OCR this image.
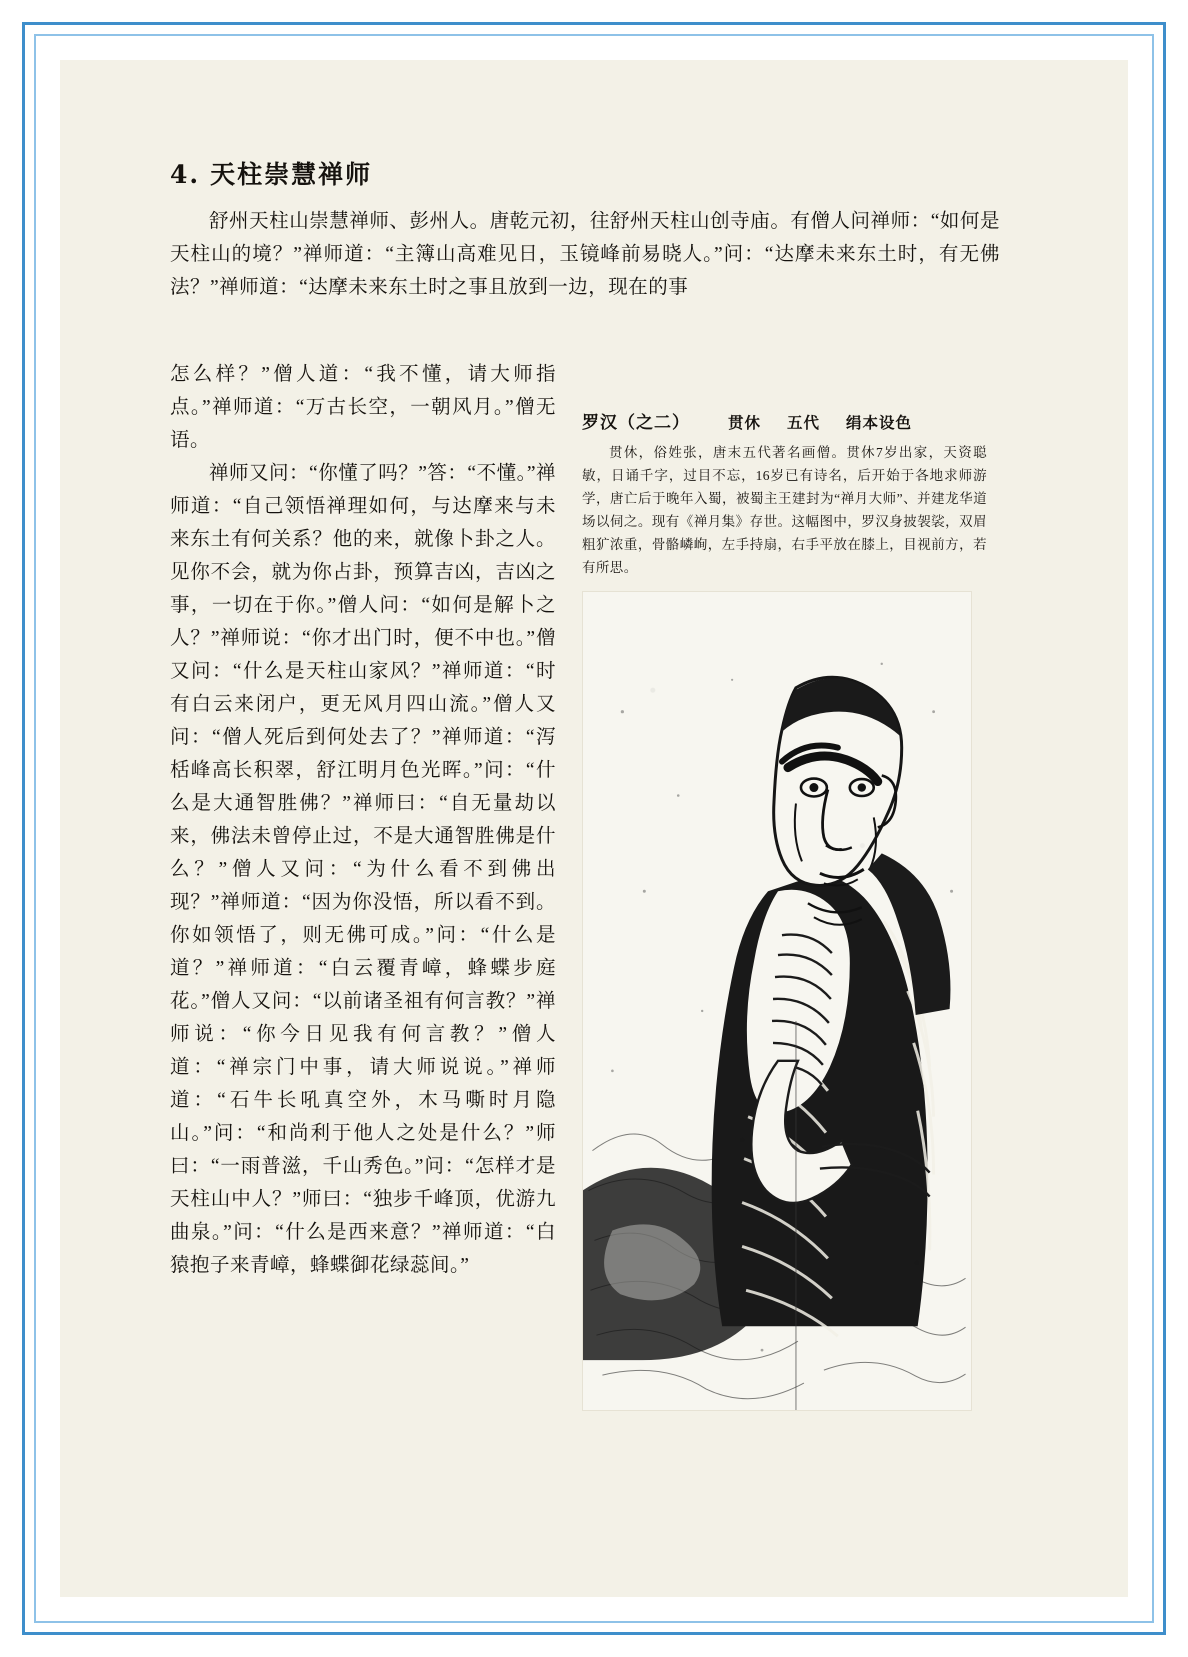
4. 天柱崇慧禅师

舒州天柱山崇慧禅师、彭州人。唐乾元初，往舒州天柱山创寺庙。有僧人问禅师：“如何是天柱山的境？”禅师道：“主簿山高难见日，玉镜峰前易晓人。”问：“达摩未来东土时，有无佛法？”禅师道：“达摩未来东土时之事且放到一边，现在的事

怎么样？”僧人道：“我不懂，请大师指点。”禅师道：“万古长空，一朝风月。”僧无语。

禅师又问：“你懂了吗？”答：“不懂。”禅师道：“自己领悟禅理如何，与达摩来与未来东土有何关系？他的来，就像卜卦之人。见你不会，就为你占卦，预算吉凶，吉凶之事，一切在于你。”僧人问：“如何是解卜之人？”禅师说：“你才出门时，便不中也。”僧又问：“什么是天柱山家风？”禅师道：“时有白云来闭户，更无风月四山流。”僧人又问：“僧人死后到何处去了？”禅师道：“泻栝峰高长积翠，舒江明月色光晖。”问：“什么是大通智胜佛？”禅师曰：“自无量劫以来，佛法未曾停止过，不是大通智胜佛是什么？”僧人又问：“为什么看不到佛出现？”禅师道：“因为你没悟，所以看不到。你如领悟了，则无佛可成。”问：“什么是道？”禅师道：“白云覆青嶂，蜂蝶步庭花。”僧人又问：“以前诸圣祖有何言教？”禅师说：“你今日见我有何言教？”僧人道：“禅宗门中事，请大师说说。”禅师道：“石牛长吼真空外，木马嘶时月隐山。”问：“和尚利于他人之处是什么？”师曰：“一雨普滋，千山秀色。”问：“怎样才是天柱山中人？”师曰：“独步千峰顶，优游九曲泉。”问：“什么是西来意？”禅师道：“白猿抱子来青嶂，蜂蝶御花绿蕊间。”

罗汉（之二） 贯休 五代 绢本设色
贯休，俗姓张，唐末五代著名画僧。贯休7岁出家，天资聪敏，日诵千字，过目不忘，16岁已有诗名，后开始于各地求师游学，唐亡后于晚年入蜀，被蜀主王建封为“禅月大师”、并建龙华道场以伺之。现有《禅月集》存世。这幅图中，罗汉身披袈裟，双眉粗犷浓重，骨骼嶙峋，左手持扇，右手平放在膝上，目视前方，若有所思。
